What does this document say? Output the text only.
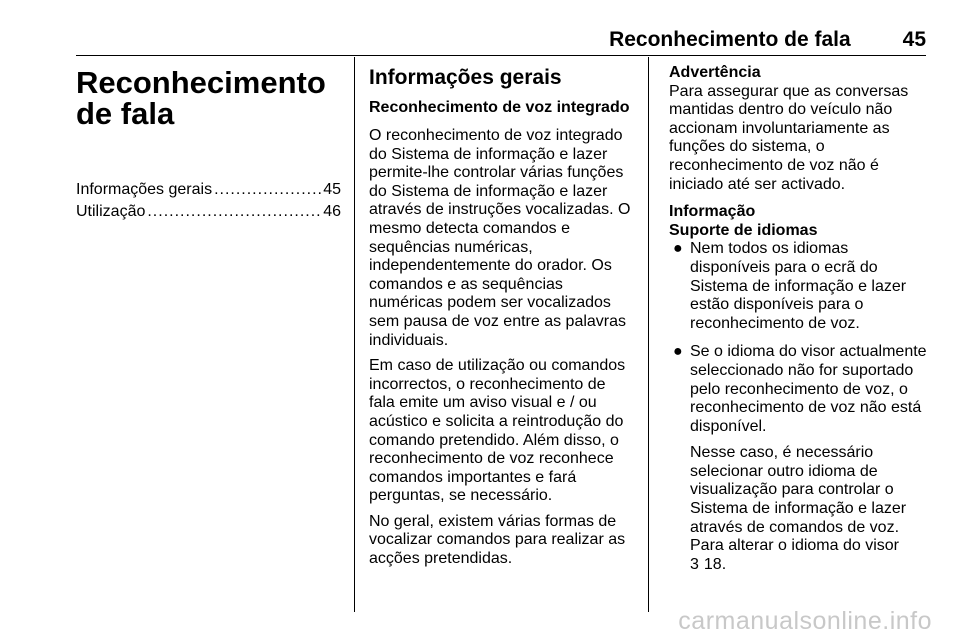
Reconhecimento de fala 45
Reconhecimento de fala
Informações gerais .....	45
Utilização .....	46
Informações gerais
Reconhecimento de voz integrado

O reconhecimento de voz integrado do Sistema de informação e lazer permite-lhe controlar várias funções do Sistema de informação e lazer através de instruções vocalizadas. O mesmo detecta comandos e sequências numéricas, independentemente do orador. Os comandos e as sequências numéricas podem ser vocalizados sem pausa de voz entre as palavras individuais.

Em caso de utilização ou comandos incorrectos, o reconhecimento de fala emite um aviso visual e / ou acústico e solicita a reintrodução do comando pretendido. Além disso, o reconhecimento de voz reconhece comandos importantes e fará perguntas, se necessário.

No geral, existem várias formas de vocalizar comandos para realizar as acções pretendidas.

Advertência
Para assegurar que as conversas mantidas dentro do veículo não accionam involuntariamente as funções do sistema, o reconhecimento de voz não é iniciado até ser activado.
Informação
Suporte de idiomas
● Nem todos os idiomas disponíveis para o ecrã do Sistema de informação e lazer estão disponíveis para o reconhecimento de voz.
● Se o idioma do visor actualmente seleccionado não for suportado pelo reconhecimento de voz, o reconhecimento de voz não está disponível.
Nesse caso, é necessário selecionar outro idioma de visualização para controlar o Sistema de informação e lazer através de comandos de voz. Para alterar o idioma do visor
3 18.
carmanualsonline.info
